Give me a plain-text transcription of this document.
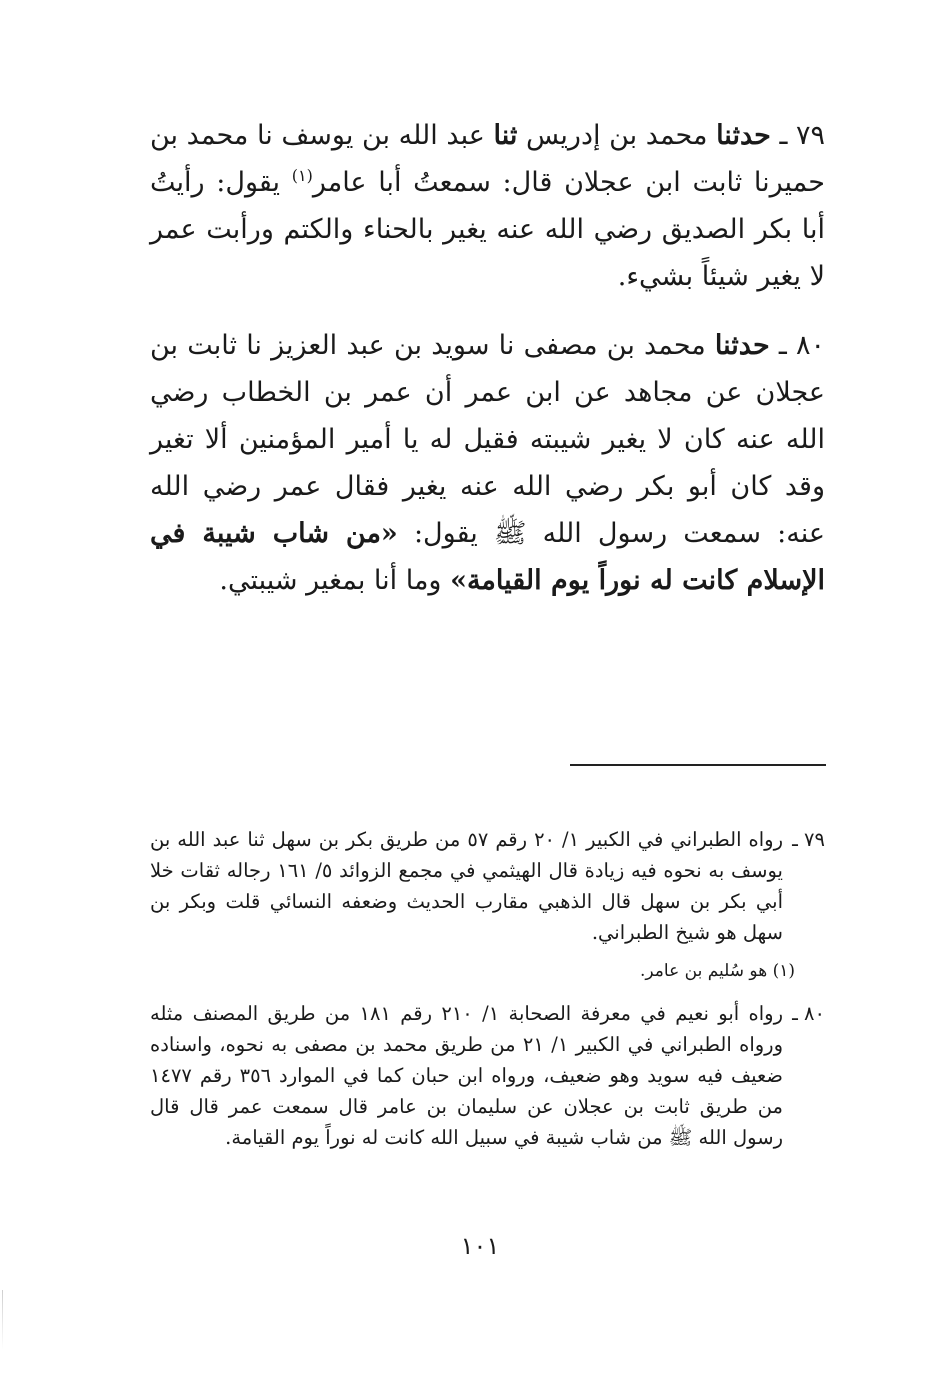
٧٩ ـ حدثنا محمد بن إدريس ثنا عبد الله بن يوسف نا محمد بن حميرنا ثابت ابن عجلان قال: سمعتُ أبا عامر$^{(١)}$ يقول: رأيتُ أبا بكر الصديق رضي الله عنه يغير بالحناء والكتم ورأبت عمر لا يغير شيئاً بشيء.

٨٠ ـ حدثنا محمد بن مصفى نا سويد بن عبد العزيز نا ثابت بن عجلان عن مجاهد عن ابن عمر أن عمر بن الخطاب رضي الله عنه كان لا يغير شيبته فقيل له يا أمير المؤمنين ألا تغير وقد كان أبو بكر رضي الله عنه يغير فقال عمر رضي الله عنه: سمعت رسول الله ﷺ يقول: «من شاب شيبة في الإسلام كانت له نوراً يوم القيامة» وما أنا بمغير شيبتي.

٧٩ ـ
رواه الطبراني في الكبير ١/ ٢٠ رقم ٥٧ من طريق بكر بن سهل ثنا عبد الله بن يوسف به نحوه فيه زيادة قال الهيثمي في مجمع الزوائد ٥/ ١٦١ رجاله ثقات خلا أبي بكر بن سهل قال الذهبي مقارب الحديث وضعفه النسائي قلت وبكر بن سهل هو شيخ الطبراني.

(١) هو سُليم بن عامر.

٨٠ ـ
رواه أبو نعيم في معرفة الصحابة ١/ ٢١٠ رقم ١٨١ من طريق المصنف مثله ورواه الطبراني في الكبير ١/ ٢١ من طريق محمد بن مصفى به نحوه، واسناده ضعيف فيه سويد وهو ضعيف، ورواه ابن حبان كما في الموارد ٣٥٦ رقم ١٤٧٧ من طريق ثابت بن عجلان عن سليمان بن عامر قال سمعت عمر قال قال رسول الله ﷺ من شاب شيبة في سبيل الله كانت له نوراً يوم القيامة.

١٠١
